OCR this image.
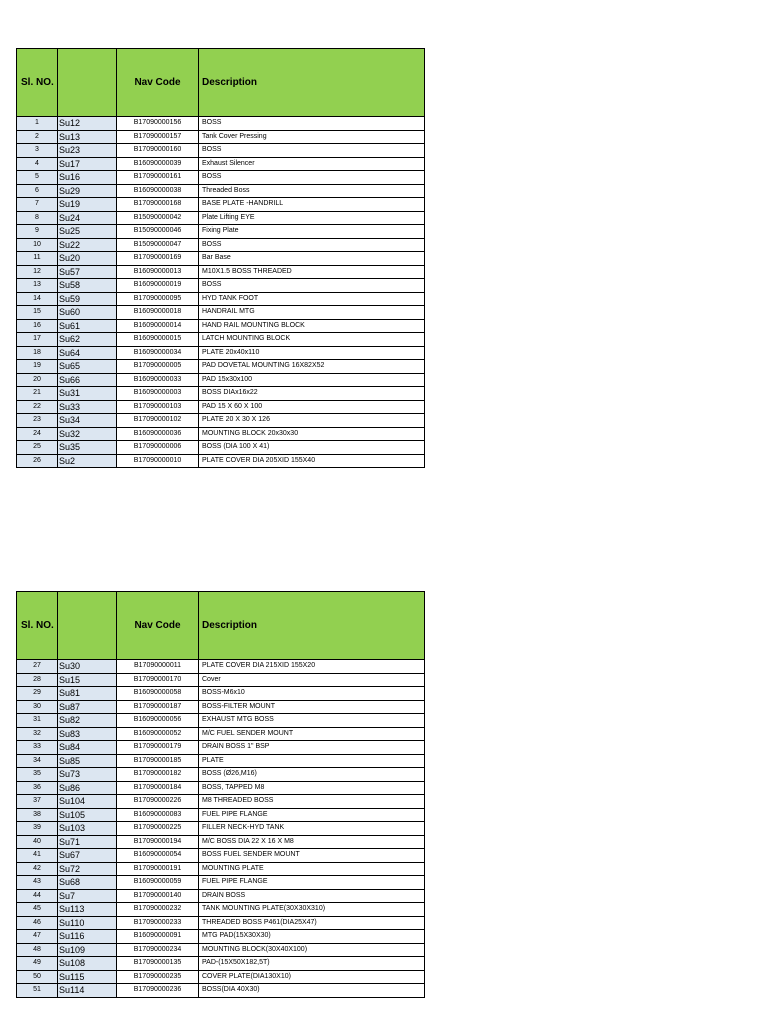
Sl. NO.		Nav Code	Description
1	Su12	B17090000156	BOSS
2	Su13	B17090000157	Tank Cover Pressing
3	Su23	B17090000160	BOSS
4	Su17	B16090000039	Exhaust Silencer
5	Su16	B17090000161	BOSS
6	Su29	B16090000038	Threaded Boss
7	Su19	B17090000168	BASE PLATE -HANDRILL
8	Su24	B15090000042	Plate Lifting EYE
9	Su25	B15090000046	Fixing Plate
10	Su22	B15090000047	BOSS
11	Su20	B17090000169	Bar Base
12	Su57	B16090000013	M10X1.5 BOSS THREADED
13	Su58	B16090000019	BOSS
14	Su59	B17090000095	HYD TANK FOOT
15	Su60	B16090000018	HANDRAIL MTG
16	Su61	B16090000014	HAND RAIL MOUNTING BLOCK
17	Su62	B16090000015	LATCH MOUNTING BLOCK
18	Su64	B16090000034	PLATE 20x40x110
19	Su65	B17090000005	PAD DOVETAL MOUNTING 16X82X52
20	Su66	B16090000033	PAD 15x30x100
21	Su31	B16090000003	BOSS DIAx16x22
22	Su33	B17090000103	PAD 15 X 60 X 100
23	Su34	B17090000102	PLATE 20 X 30 X 126
24	Su32	B16090000036	MOUNTING BLOCK 20x30x30
25	Su35	B17090000006	BOSS (DIA 100 X 41)
26	Su2	B17090000010	PLATE COVER DIA 205XID 155X40
Sl. NO.		Nav Code	Description
27	Su30	B17090000011	PLATE COVER DIA 215XID 155X20
28	Su15	B17090000170	Cover
29	Su81	B16090000058	BOSS-M6x10
30	Su87	B17090000187	BOSS-FILTER MOUNT
31	Su82	B16090000056	EXHAUST MTG BOSS
32	Su83	B16090000052	M/C FUEL SENDER MOUNT
33	Su84	B17090000179	DRAIN BOSS 1" BSP
34	Su85	B17090000185	PLATE
35	Su73	B17090000182	BOSS (Ø26,M16)
36	Su86	B17090000184	BOSS, TAPPED M8
37	Su104	B17090000226	M8 THREADED BOSS
38	Su105	B16090000083	FUEL PIPE FLANGE
39	Su103	B17090000225	FILLER NECK-HYD TANK
40	Su71	B17090000194	M/C BOSS DIA 22 X 16 X M8
41	Su67	B16090000054	BOSS FUEL SENDER MOUNT
42	Su72	B17090000191	MOUNTING PLATE
43	Su68	B16090000059	FUEL PIPE FLANGE
44	Su7	B17090000140	DRAIN BOSS
45	Su113	B17090000232	TANK MOUNTING PLATE(30X30X310)
46	Su110	B17090000233	THREADED BOSS P461(DIA25X47)
47	Su116	B16090000091	MTG PAD(15X30X30)
48	Su109	B17090000234	MOUNTING BLOCK(30X40X100)
49	Su108	B17090000135	PAD-(15X50X182,5T)
50	Su115	B17090000235	COVER PLATE(DIA130X10)
51	Su114	B17090000236	BOSS(DIA 40X30)
